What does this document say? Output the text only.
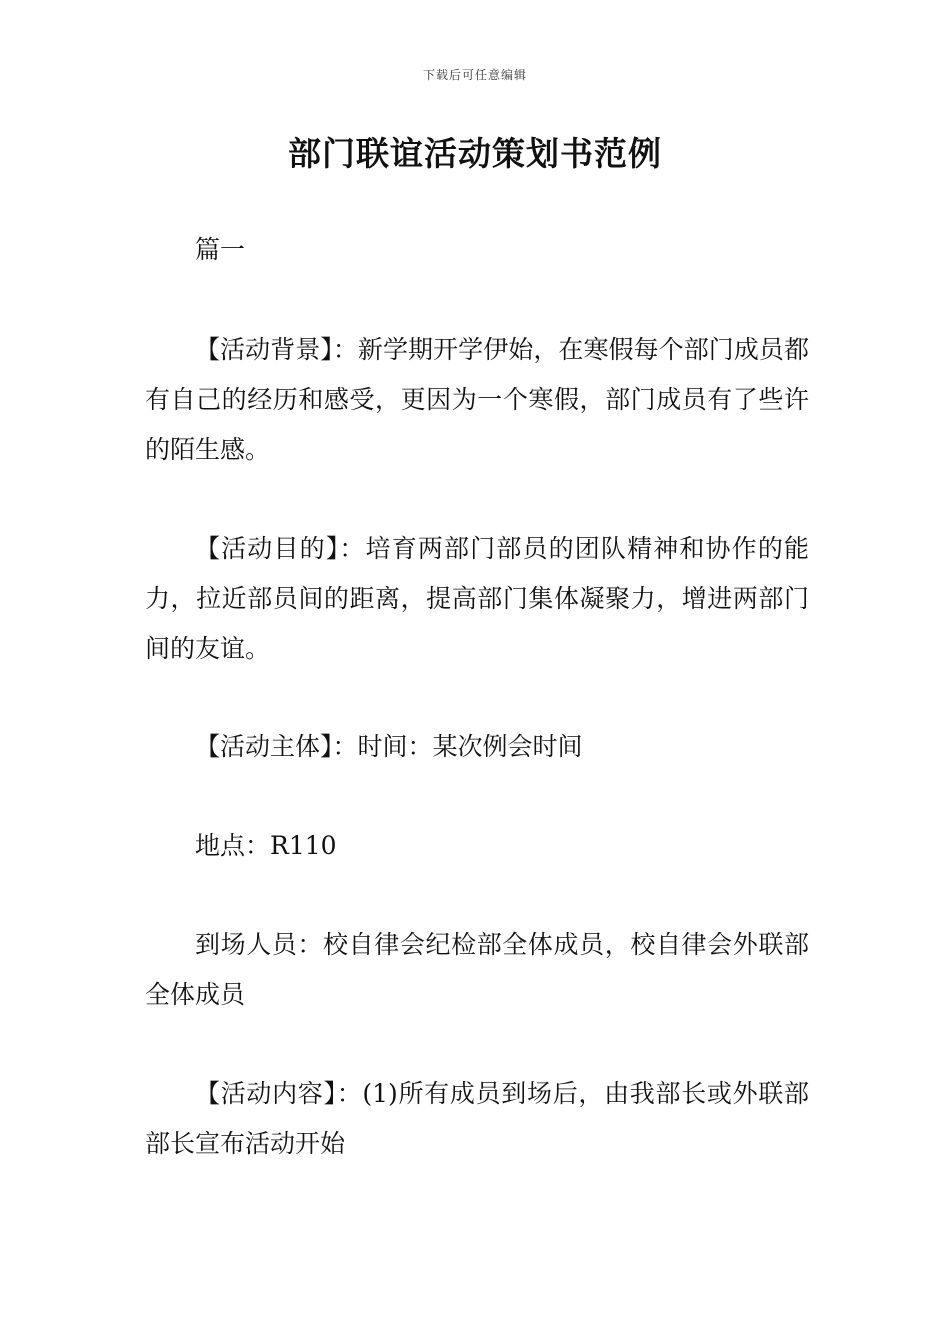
下载后可任意编辑
部门联谊活动策划书范例

篇一

【活动背景】：新学期开学伊始，在寒假每个部门成员都有自己的经历和感受，更因为一个寒假，部门成员有了些许的陌生感。

【活动目的】：培育两部门部员的团队精神和协作的能力，拉近部员间的距离，提高部门集体凝聚力，增进两部门间的友谊。

【活动主体】：时间：某次例会时间

地点：R110

到场人员：校自律会纪检部全体成员，校自律会外联部全体成员

【活动内容】：(1)所有成员到场后，由我部长或外联部部长宣布活动开始
